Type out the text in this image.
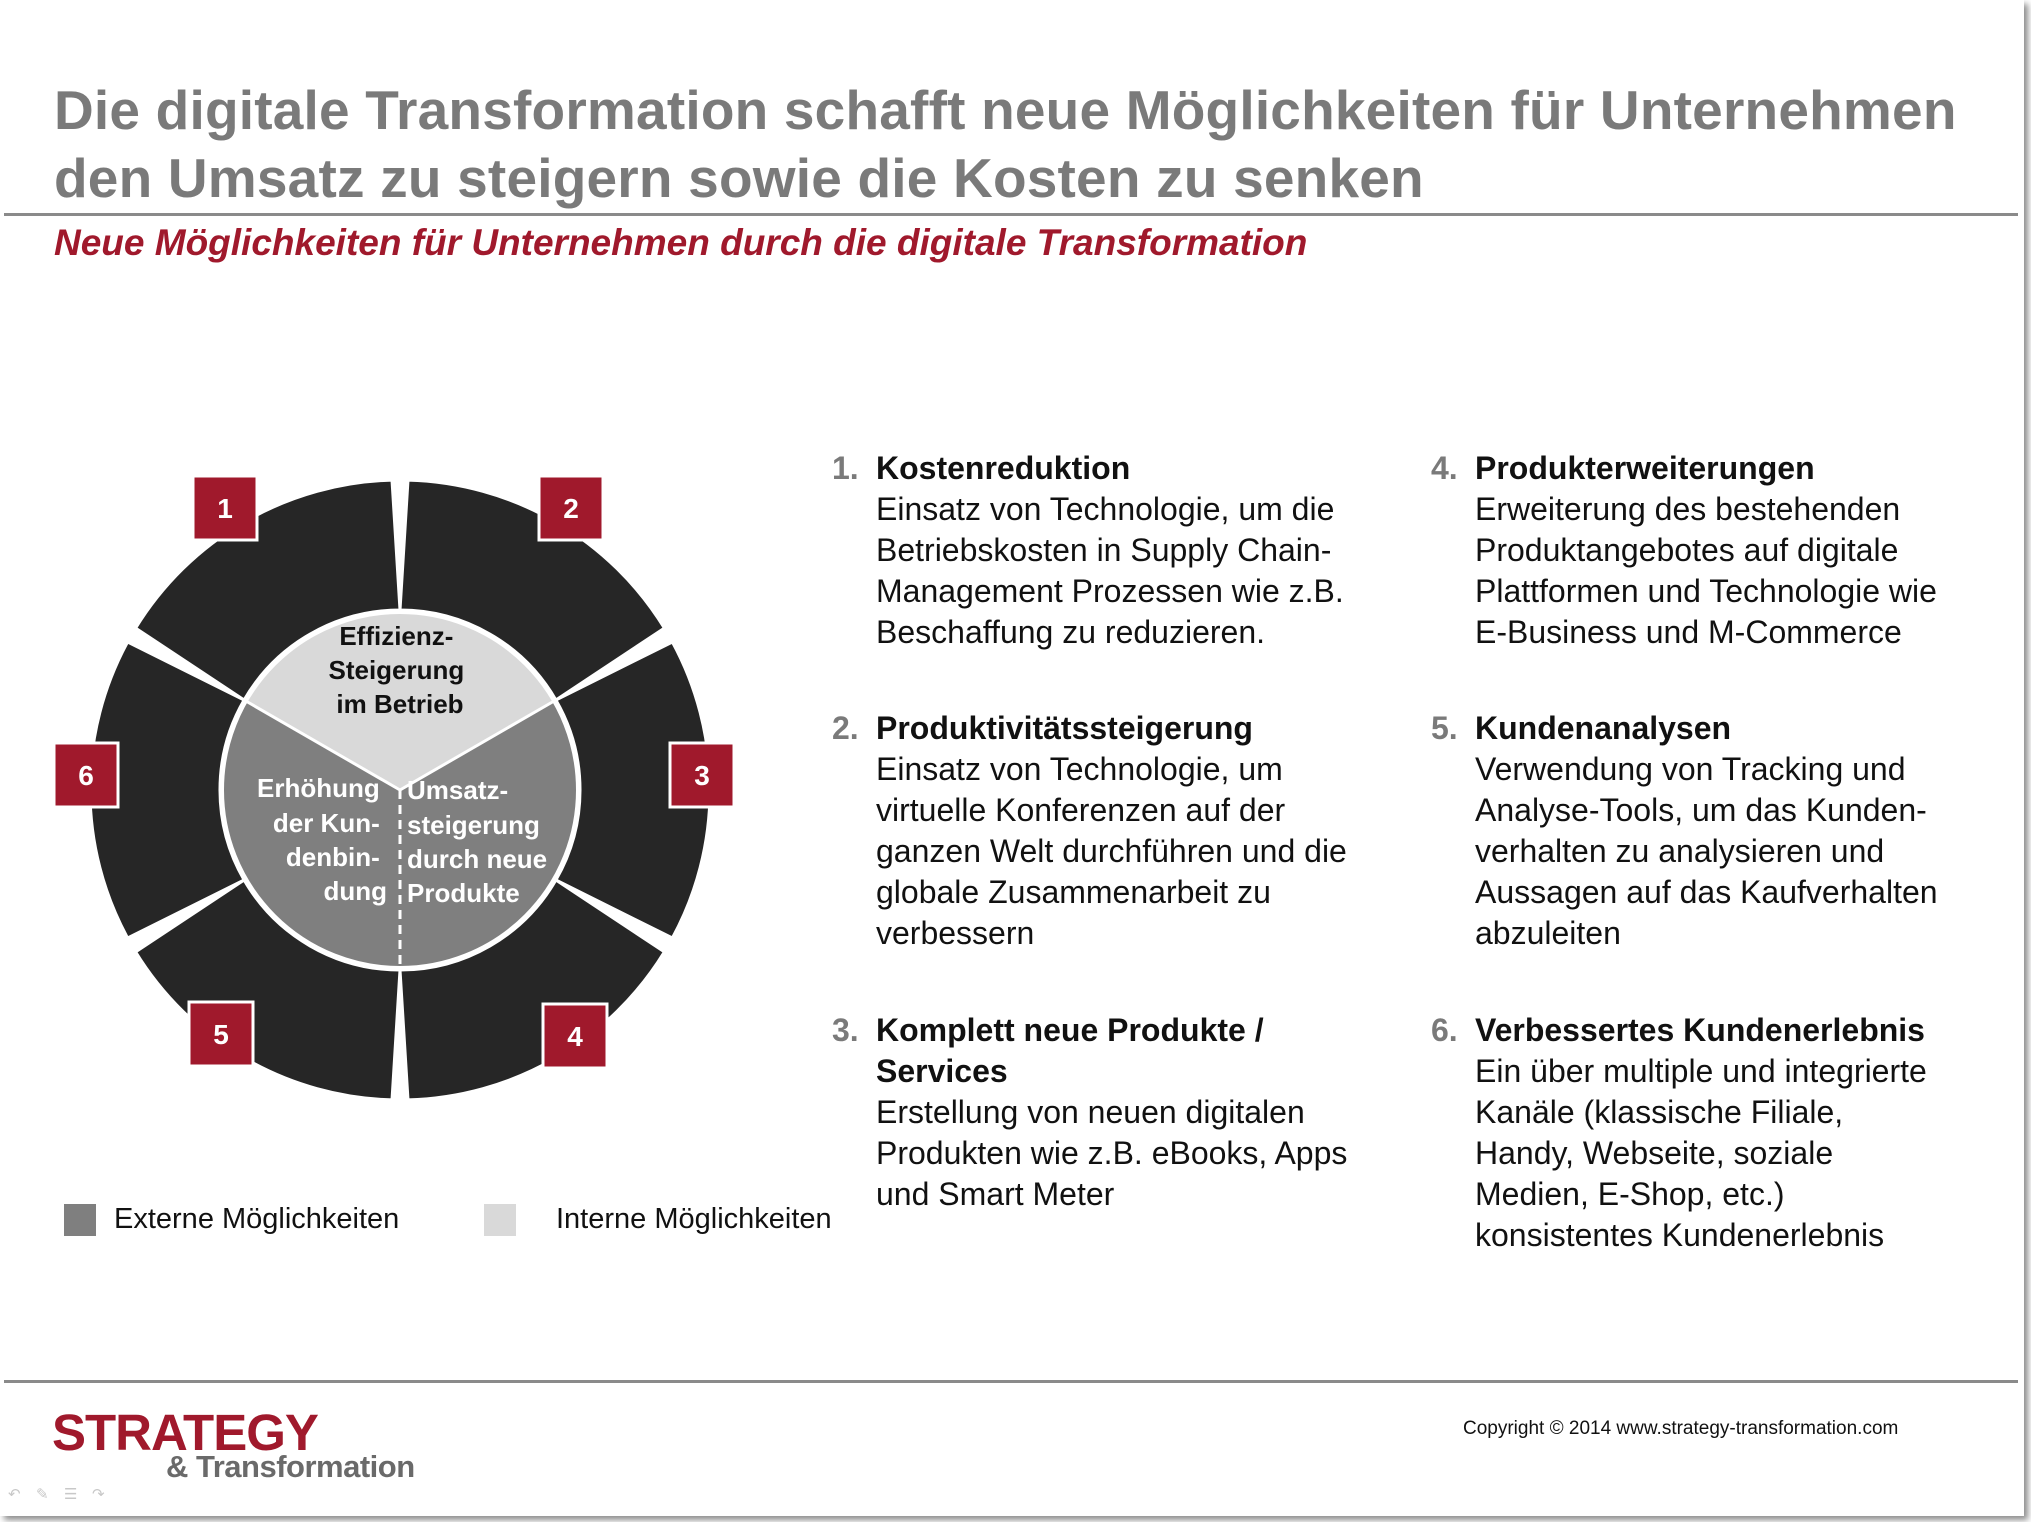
Die digitale Transformation schafft neue Möglichkeiten für Unternehmen
den Umsatz zu steigern sowie die Kosten zu senken
Neue Möglichkeiten für Unternehmen durch die digitale Transformation
1	2
3
4
5
6
Effizienz- Steigerung im Betrieb
Erhöhung der Kun- denbin- dung
Umsatz- steigerung durch neue Produkte
Externe Möglichkeiten	Interne Möglichkeiten
1. Kostenreduktion
Einsatz von Technologie, um die
Betriebskosten in Supply Chain-
Management Prozessen wie z.B.
Beschaffung zu reduzieren.
2. Produktivitätssteigerung
Einsatz von Technologie, um
virtuelle Konferenzen auf der
ganzen Welt durchführen und die
globale Zusammenarbeit zu
verbessern
3. Komplett neue Produkte / Services
Erstellung von neuen digitalen
Produkten wie z.B. eBooks, Apps
und Smart Meter
4. Produkterweiterungen
Erweiterung des bestehenden
Produktangebotes auf digitale
Plattformen und Technologie wie
E-Business und M-Commerce
5. Kundenanalysen
Verwendung von Tracking und
Analyse-Tools, um das Kunden-
verhalten zu analysieren und
Aussagen auf das Kaufverhalten
abzuleiten
6. Verbessertes Kundenerlebnis
Ein über multiple und integrierte
Kanäle (klassische Filiale,
Handy, Webseite, soziale
Medien, E-Shop, etc.)
konsistentes Kundenerlebnis
STRATEGY
& Transformation
Copyright © 2014 www.strategy-transformation.com
↶	✎	☰ ↷
